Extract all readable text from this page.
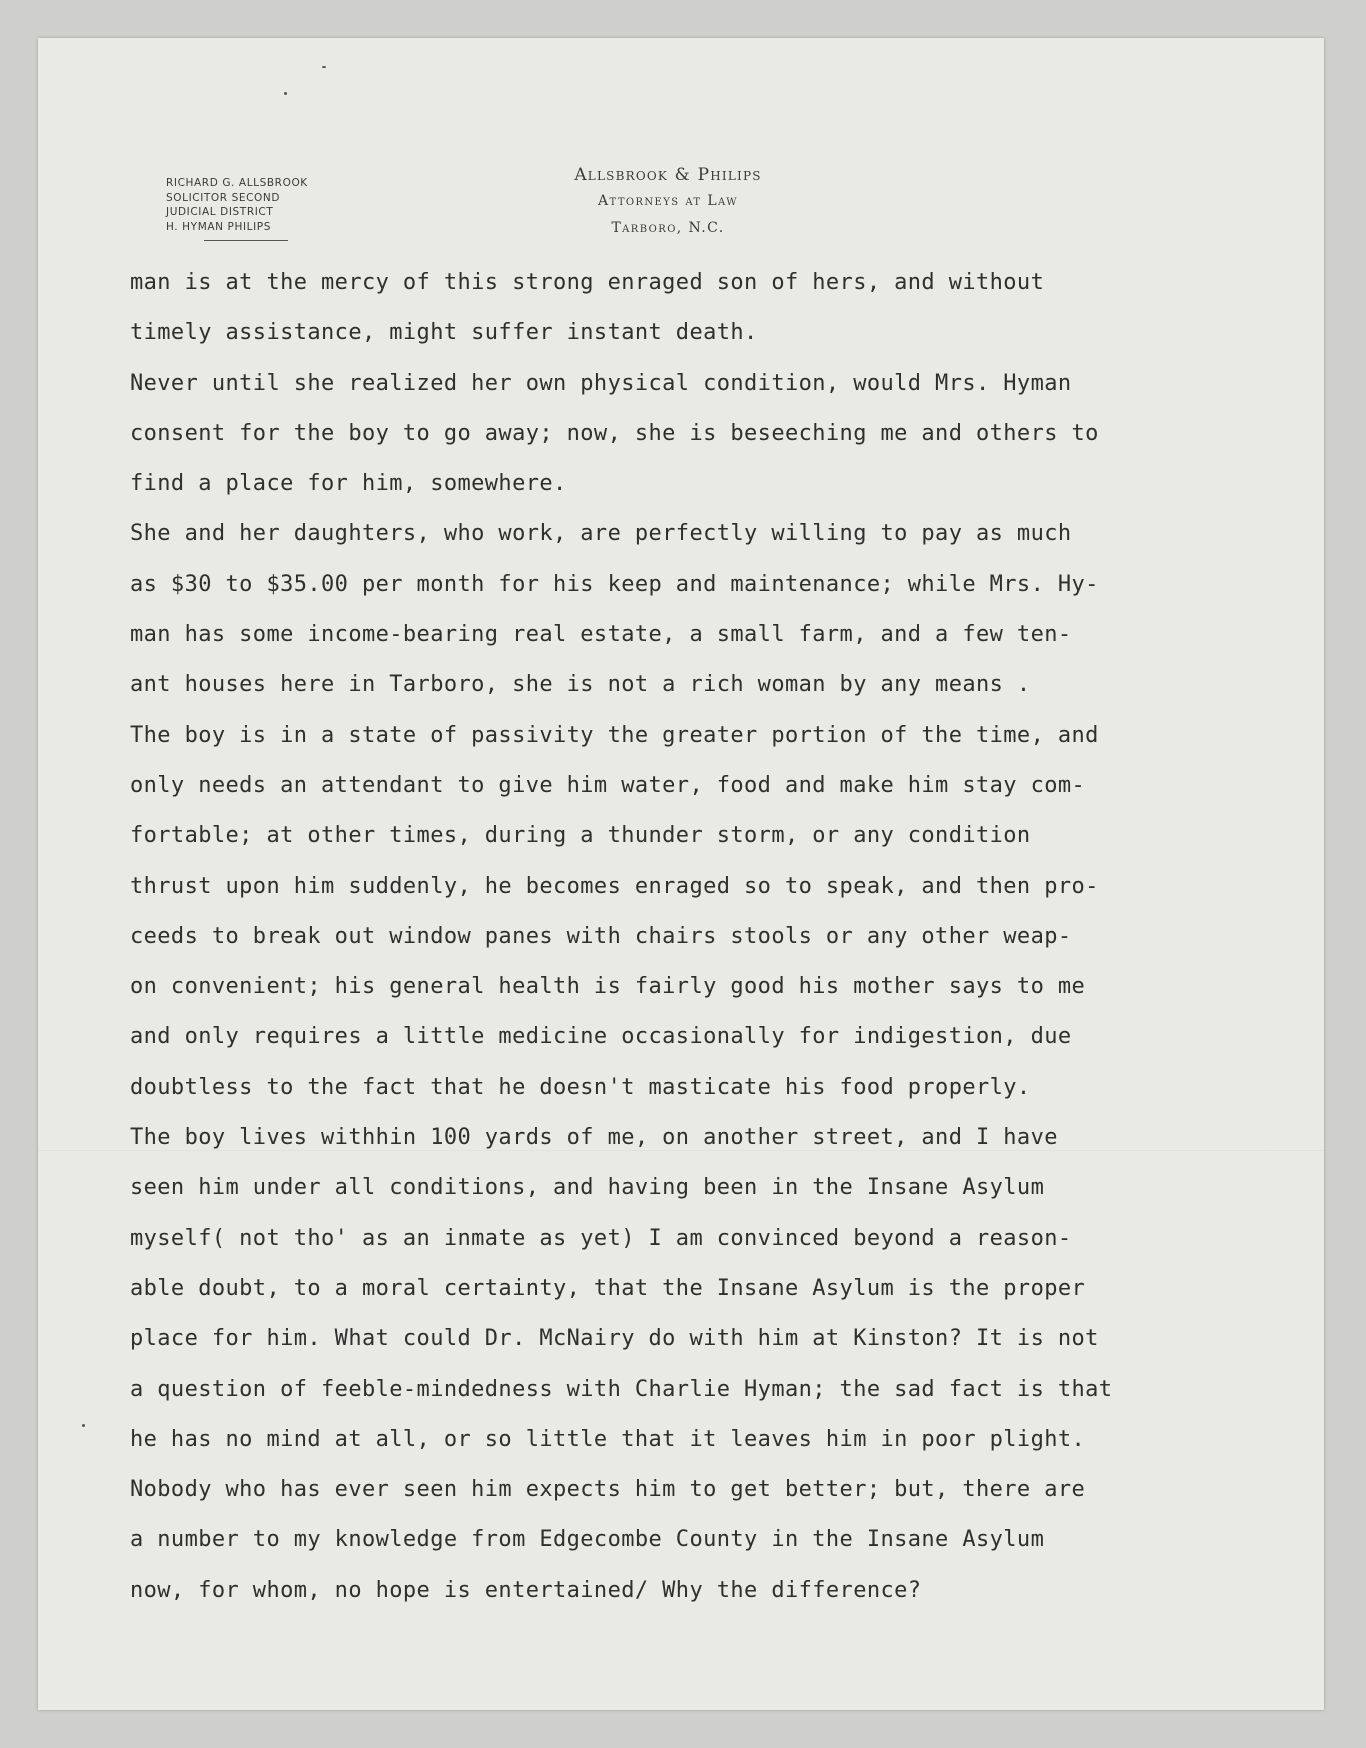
RICHARD G. ALLSBROOK
SOLICITOR SECOND
JUDICIAL DISTRICT
H. HYMAN PHILIPS
Allsbrook & Philips
Attorneys at Law
Tarboro, N.C.
man is at the mercy of this strong enraged son of hers, and without
timely assistance, might suffer instant death.
Never until she realized her own physical condition, would Mrs. Hyman
consent for the boy to go away; now, she is beseeching me and others to
find a place for him, somewhere.
She and her daughters, who work, are perfectly willing to pay as much
as $30 to $35.00 per month for his keep and maintenance; while Mrs. Hy-
man has some income-bearing real estate, a small farm, and a few ten-
ant houses here in Tarboro, she is not a rich woman by any means .
The boy is in a state of passivity the greater portion of the time, and
only needs an attendant to give him water, food and make him stay com-
fortable; at other times, during a thunder storm, or any condition
thrust upon him suddenly, he becomes enraged so to speak, and then pro-
ceeds to break out window panes with chairs stools or any other weap-
on convenient; his general health is fairly good his mother says to me
and only requires a little medicine occasionally for indigestion, due
doubtless to the fact that he doesn't masticate his food properly.
The boy lives withhin 100 yards of me, on another street, and I have
seen him under all conditions, and having been in the Insane Asylum
myself( not tho' as an inmate as yet) I am convinced beyond a reason-
able doubt, to a moral certainty, that the Insane Asylum is the proper
place for him. What could Dr. McNairy do with him at Kinston? It is not
a question of feeble-mindedness with Charlie Hyman; the sad fact is that
he has no mind at all, or so little that it leaves him in poor plight.
Nobody who has ever seen him expects him to get better; but, there are
a number to my knowledge from Edgecombe County in the Insane Asylum
now, for whom, no hope is entertained/ Why the difference?
